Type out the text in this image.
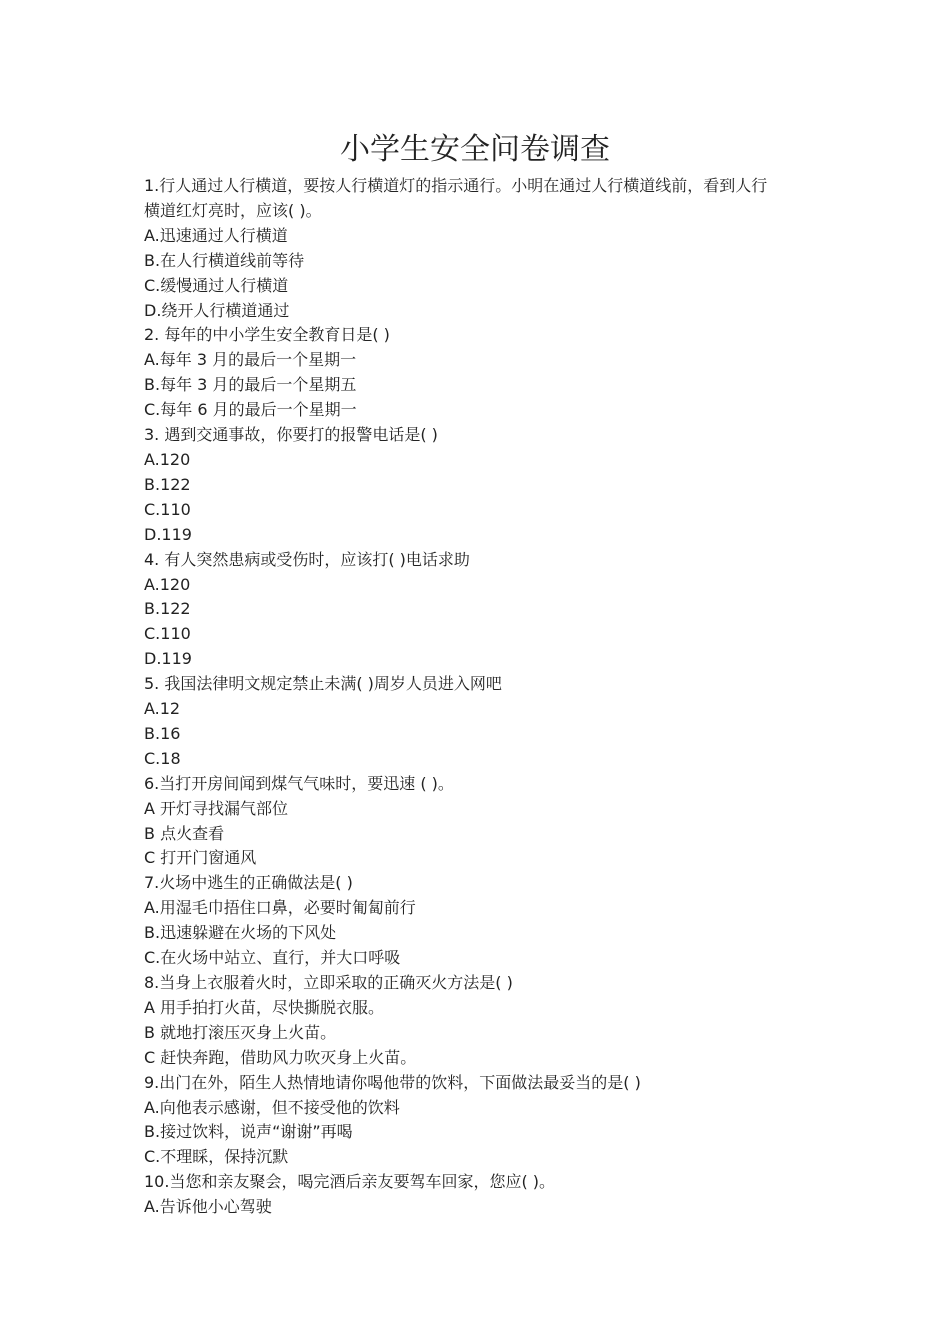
小学生安全问卷调查

1.行人通过人行横道，要按人行横道灯的指示通行。小明在通过人行横道线前，看到人行

横道红灯亮时，应该( )。

A.迅速通过人行横道

B.在人行横道线前等待

C.缓慢通过人行横道

D.绕开人行横道通过

2. 每年的中小学生安全教育日是( )

A.每年 3 月的最后一个星期一

B.每年 3 月的最后一个星期五

C.每年 6 月的最后一个星期一

3. 遇到交通事故，你要打的报警电话是( )

A.120

B.122

C.110

D.119

4. 有人突然患病或受伤时，应该打( )电话求助

A.120

B.122

C.110

D.119

5. 我国法律明文规定禁止未满( )周岁人员进入网吧

A.12

B.16

C.18

6.当打开房间闻到煤气气味时，要迅速 ( )。

A 开灯寻找漏气部位

B 点火查看

C 打开门窗通风

7.火场中逃生的正确做法是( )

A.用湿毛巾捂住口鼻，必要时匍匐前行

B.迅速躲避在火场的下风处

C.在火场中站立、直行，并大口呼吸

8.当身上衣服着火时，立即采取的正确灭火方法是( )

A 用手拍打火苗，尽快撕脱衣服。

B 就地打滚压灭身上火苗。

C 赶快奔跑，借助风力吹灭身上火苗。

9.出门在外，陌生人热情地请你喝他带的饮料，下面做法最妥当的是( )

A.向他表示感谢，但不接受他的饮料

B.接过饮料，说声“谢谢”再喝

C.不理睬，保持沉默

10.当您和亲友聚会，喝完酒后亲友要驾车回家，您应( )。

A.告诉他小心驾驶
